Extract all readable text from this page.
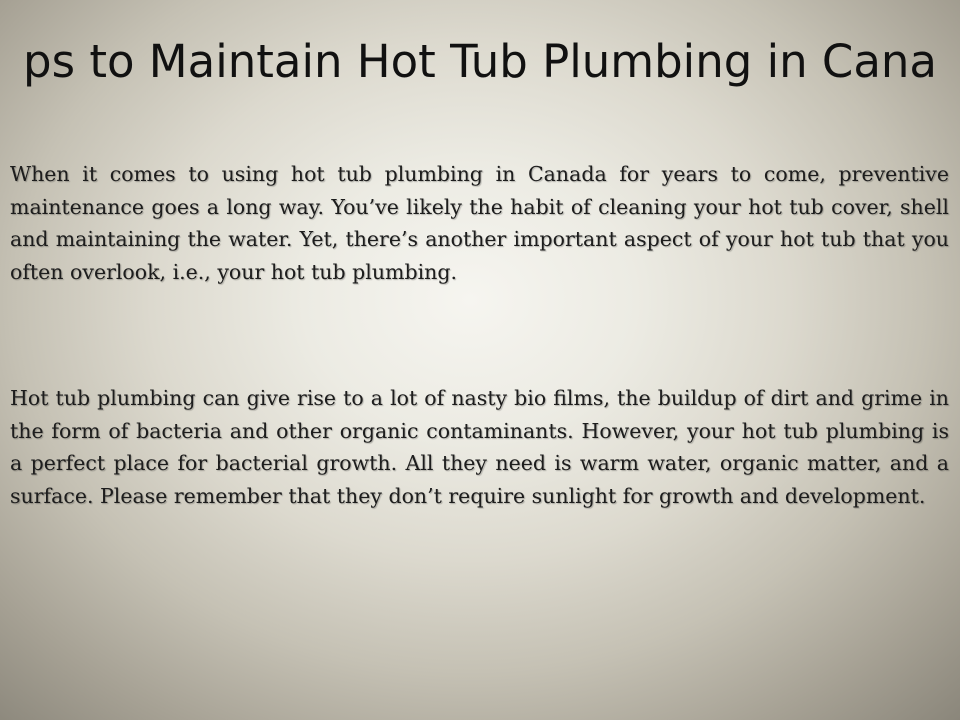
ps to Maintain Hot Tub Plumbing in Cana

When it comes to using hot tub plumbing in Canada for years to come, preventive maintenance goes a long way. You’ve likely the habit of cleaning your hot tub cover, shell and maintaining the water. Yet, there’s another important aspect of your hot tub that you often overlook, i.e., your hot tub plumbing.

Hot tub plumbing can give rise to a lot of nasty bio films, the buildup of dirt and grime in the form of bacteria and other organic contaminants. However, your hot tub plumbing is a perfect place for bacterial growth. All they need is warm water, organic matter, and a surface. Please remember that they don’t require sunlight for growth and development.
